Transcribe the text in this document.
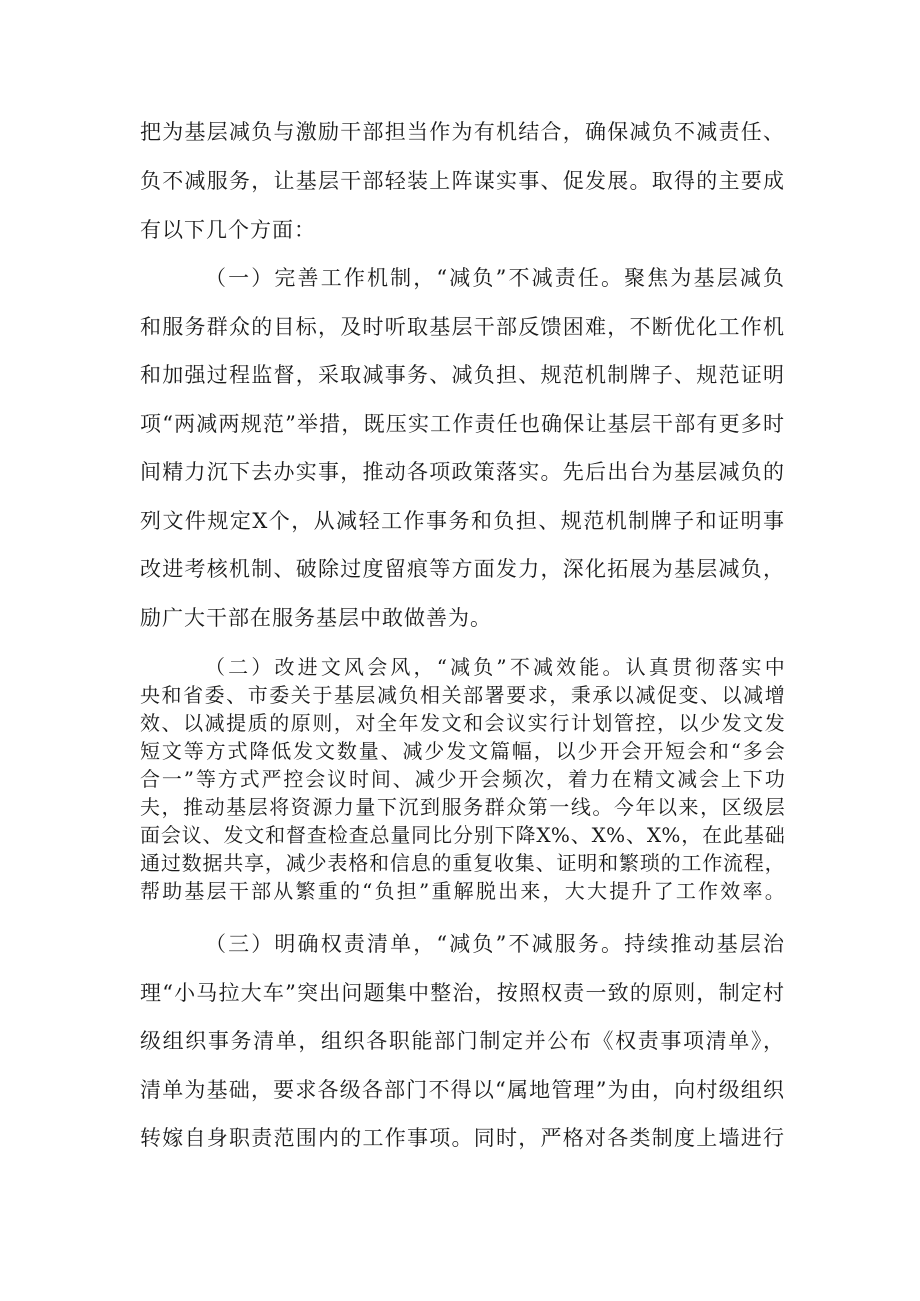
把为基层减负与激励干部担当作为有机结合，确保减负不减责任、
负不减服务，让基层干部轻装上阵谋实事、促发展。取得的主要成
有以下几个方面：
（一）完善工作机制，“减负”不减责任。聚焦为基层减负
和服务群众的目标，及时听取基层干部反馈困难，不断优化工作机
和加强过程监督，采取减事务、减负担、规范机制牌子、规范证明
项“两减两规范”举措，既压实工作责任也确保让基层干部有更多时
间精力沉下去办实事，推动各项政策落实。先后出台为基层减负的
列文件规定X个，从减轻工作事务和负担、规范机制牌子和证明事
改进考核机制、破除过度留痕等方面发力，深化拓展为基层减负，
励广大干部在服务基层中敢做善为。
（二）改进文风会风，“减负”不减效能。认真贯彻落实中
央和省委、市委关于基层减负相关部署要求，秉承以减促变、以减增
效、以减提质的原则，对全年发文和会议实行计划管控，以少发文发
短文等方式降低发文数量、减少发文篇幅，以少开会开短会和“多会
合一”等方式严控会议时间、减少开会频次，着力在精文减会上下功
夫，推动基层将资源力量下沉到服务群众第一线。今年以来，区级层
面会议、发文和督查检查总量同比分别下降X%、X%、X%，在此基础
通过数据共享，减少表格和信息的重复收集、证明和繁琐的工作流程，
帮助基层干部从繁重的“负担”重解脱出来，大大提升了工作效率。
（三）明确权责清单，“减负”不减服务。持续推动基层治
理“小马拉大车”突出问题集中整治，按照权责一致的原则，制定村
级组织事务清单，组织各职能部门制定并公布《权责事项清单》，
清单为基础，要求各级各部门不得以“属地管理”为由，向村级组织
转嫁自身职责范围内的工作事项。同时，严格对各类制度上墙进行
